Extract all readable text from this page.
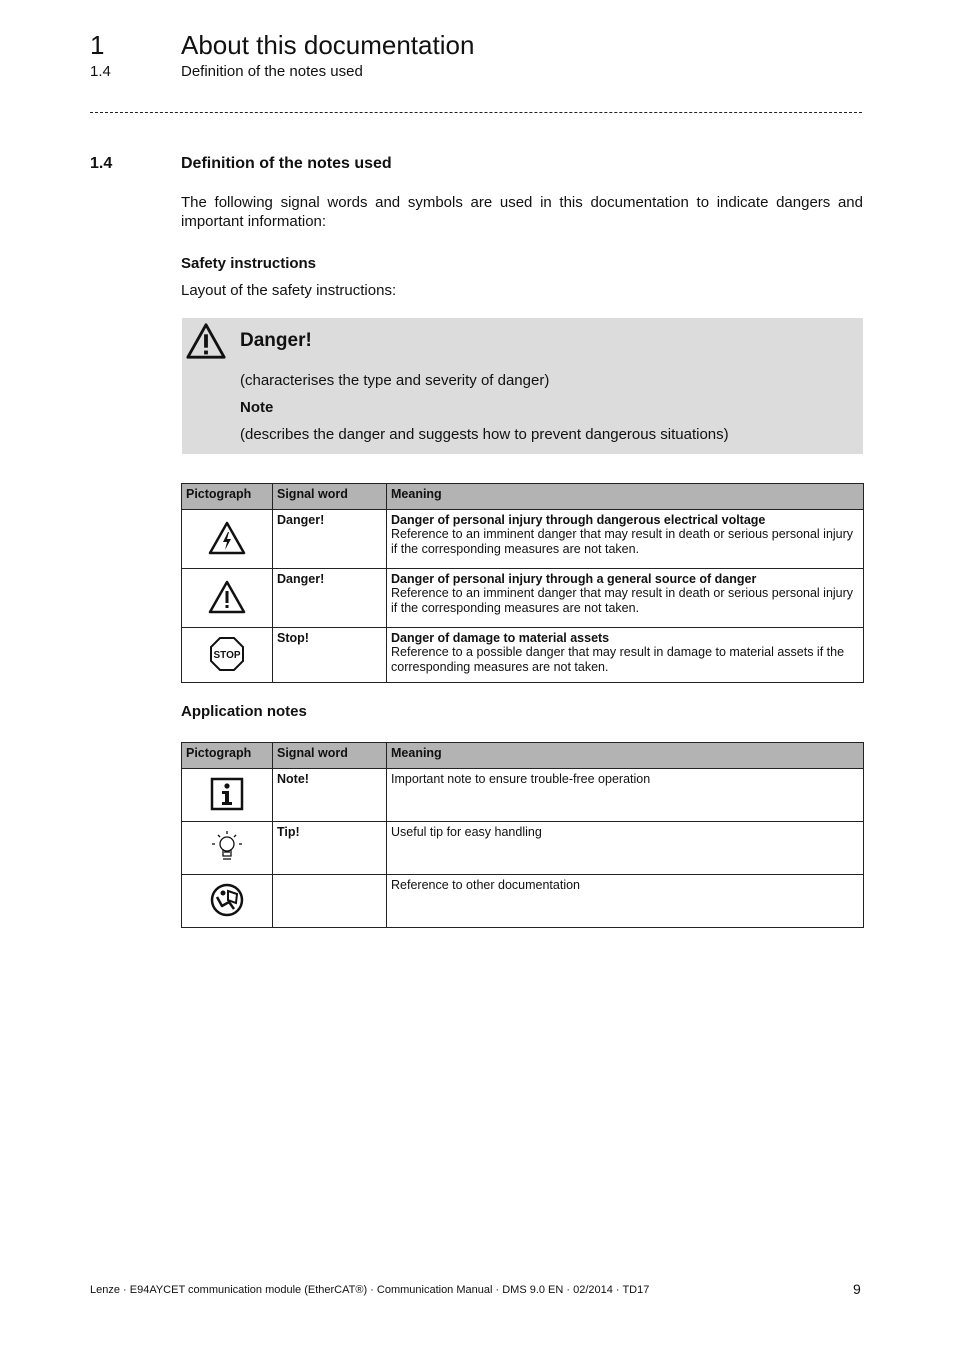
1	About this documentation
1.4	Definition of the notes used
1.4	Definition of the notes used
The following signal words and symbols are used in this documentation to indicate dangers and important information:
Safety instructions
Layout of the safety instructions:
Danger!
(characterises the type and severity of danger)
Note
(describes the danger and suggests how to prevent dangerous situations)
Pictograph	Signal word	Meaning
	Danger!	Danger of personal injury through dangerous electrical voltage
Reference to an imminent danger that may result in death or serious personal injury if the corresponding measures are not taken.

	Danger!	Danger of personal injury through a general source of danger
Reference to an imminent danger that may result in death or serious personal injury if the corresponding measures are not taken.

STOP	Stop!	Danger of damage to material assets
Reference to a possible danger that may result in damage to material assets if the corresponding measures are not taken.
Application notes
Pictograph	Signal word	Meaning
	Note!	Important note to ensure trouble-free operation
	Tip!	Useful tip for easy handling
		Reference to other documentation
Lenze · E94AYCET communication module (EtherCAT®) · Communication Manual · DMS 9.0 EN · 02/2014 · TD17	9
